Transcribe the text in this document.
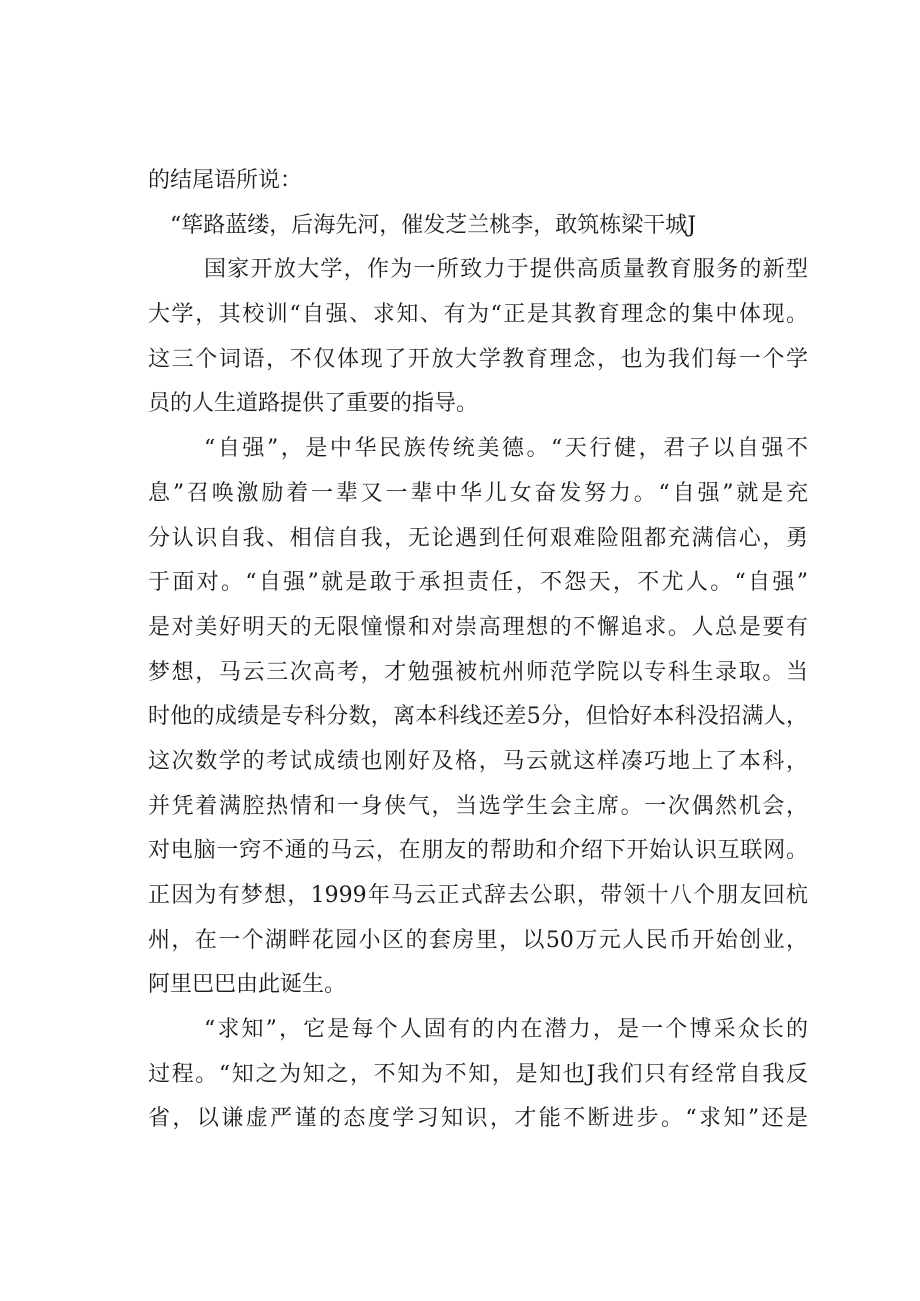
的结尾语所说：
“筚路蓝缕，后海先河，催发芝兰桃李，敢筑栋梁干城J
国家开放大学，作为一所致力于提供高质量教育服务的新型
大学，其校训“自强、求知、有为“正是其教育理念的集中体现。
这三个词语，不仅体现了开放大学教育理念，也为我们每一个学
员的人生道路提供了重要的指导。
“自强”，是中华民族传统美德。“天行健，君子以自强不
息”召唤激励着一辈又一辈中华儿女奋发努力。“自强”就是充
分认识自我、相信自我，无论遇到任何艰难险阻都充满信心，勇
于面对。“自强”就是敢于承担责任，不怨天，不尤人。“自强”
是对美好明天的无限憧憬和对崇高理想的不懈追求。人总是要有
梦想，马云三次高考，才勉强被杭州师范学院以专科生录取。当
时他的成绩是专科分数，离本科线还差5分，但恰好本科没招满人，
这次数学的考试成绩也刚好及格，马云就这样凑巧地上了本科，
并凭着满腔热情和一身侠气，当选学生会主席。一次偶然机会，
对电脑一窍不通的马云，在朋友的帮助和介绍下开始认识互联网。
正因为有梦想，1999年马云正式辞去公职，带领十八个朋友回杭
州，在一个湖畔花园小区的套房里，以50万元人民币开始创业，
阿里巴巴由此诞生。
“求知”，它是每个人固有的内在潜力，是一个博采众长的
过程。“知之为知之，不知为不知，是知也J我们只有经常自我反
省，以谦虚严谨的态度学习知识，才能不断进步。“求知”还是
